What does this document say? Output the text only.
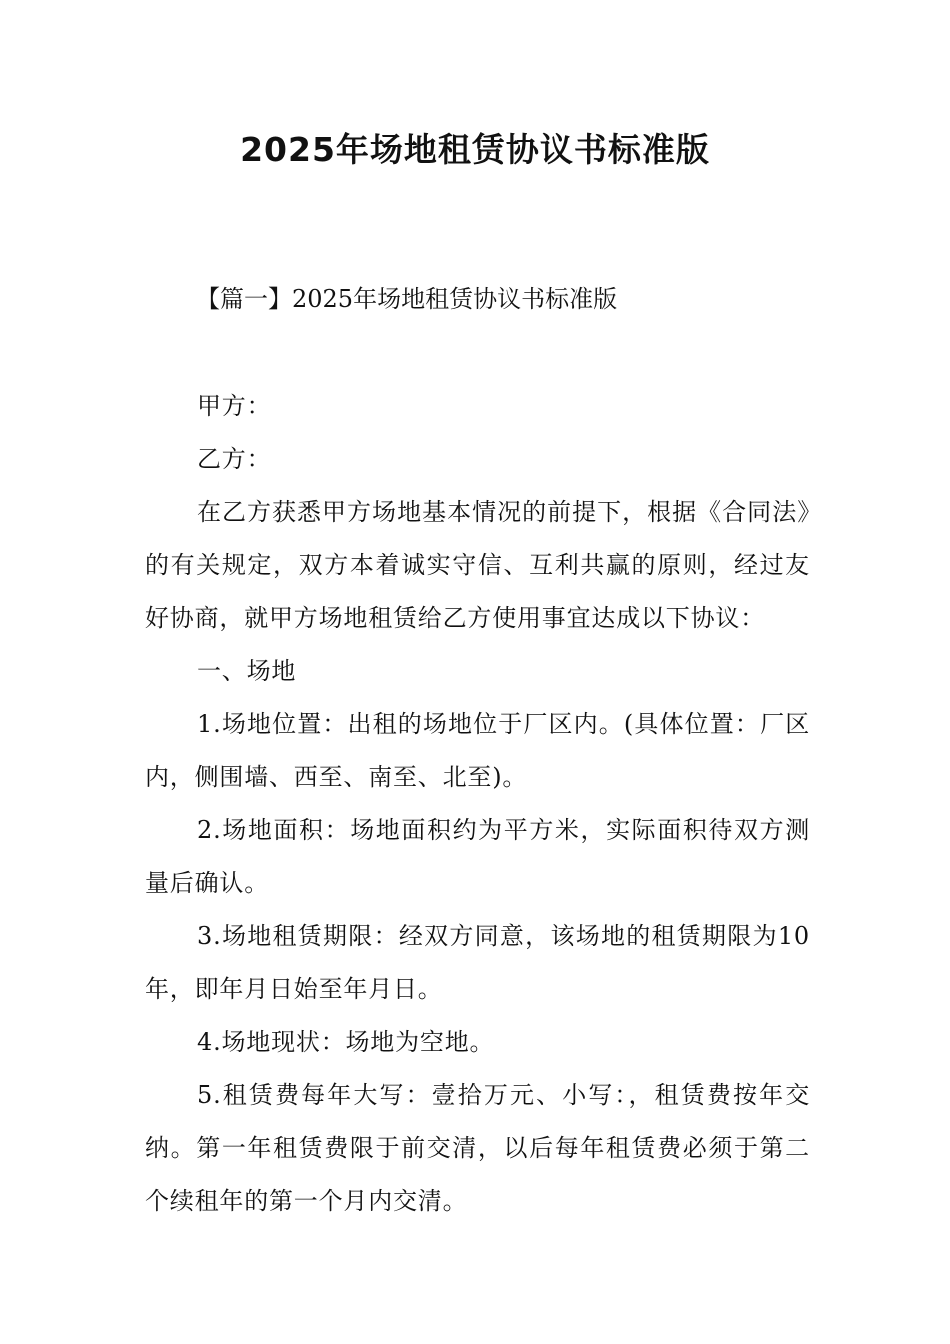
2025年场地租赁协议书标准版
【篇一】2025年场地租赁协议书标准版

甲方：

乙方：

在乙方获悉甲方场地基本情况的前提下，根据《合同法》的有关规定，双方本着诚实守信、互利共赢的原则，经过友好协商，就甲方场地租赁给乙方使用事宜达成以下协议：

一、场地

1.场地位置：出租的场地位于厂区内。(具体位置：厂区内，侧围墙、西至、南至、北至)。

2.场地面积：场地面积约为平方米，实际面积待双方测量后确认。

3.场地租赁期限：经双方同意，该场地的租赁期限为10年，即年月日始至年月日。

4.场地现状：场地为空地。

5.租赁费每年大写：壹拾万元、小写：，租赁费按年交纳。第一年租赁费限于前交清，以后每年租赁费必须于第二个续租年的第一个月内交清。
